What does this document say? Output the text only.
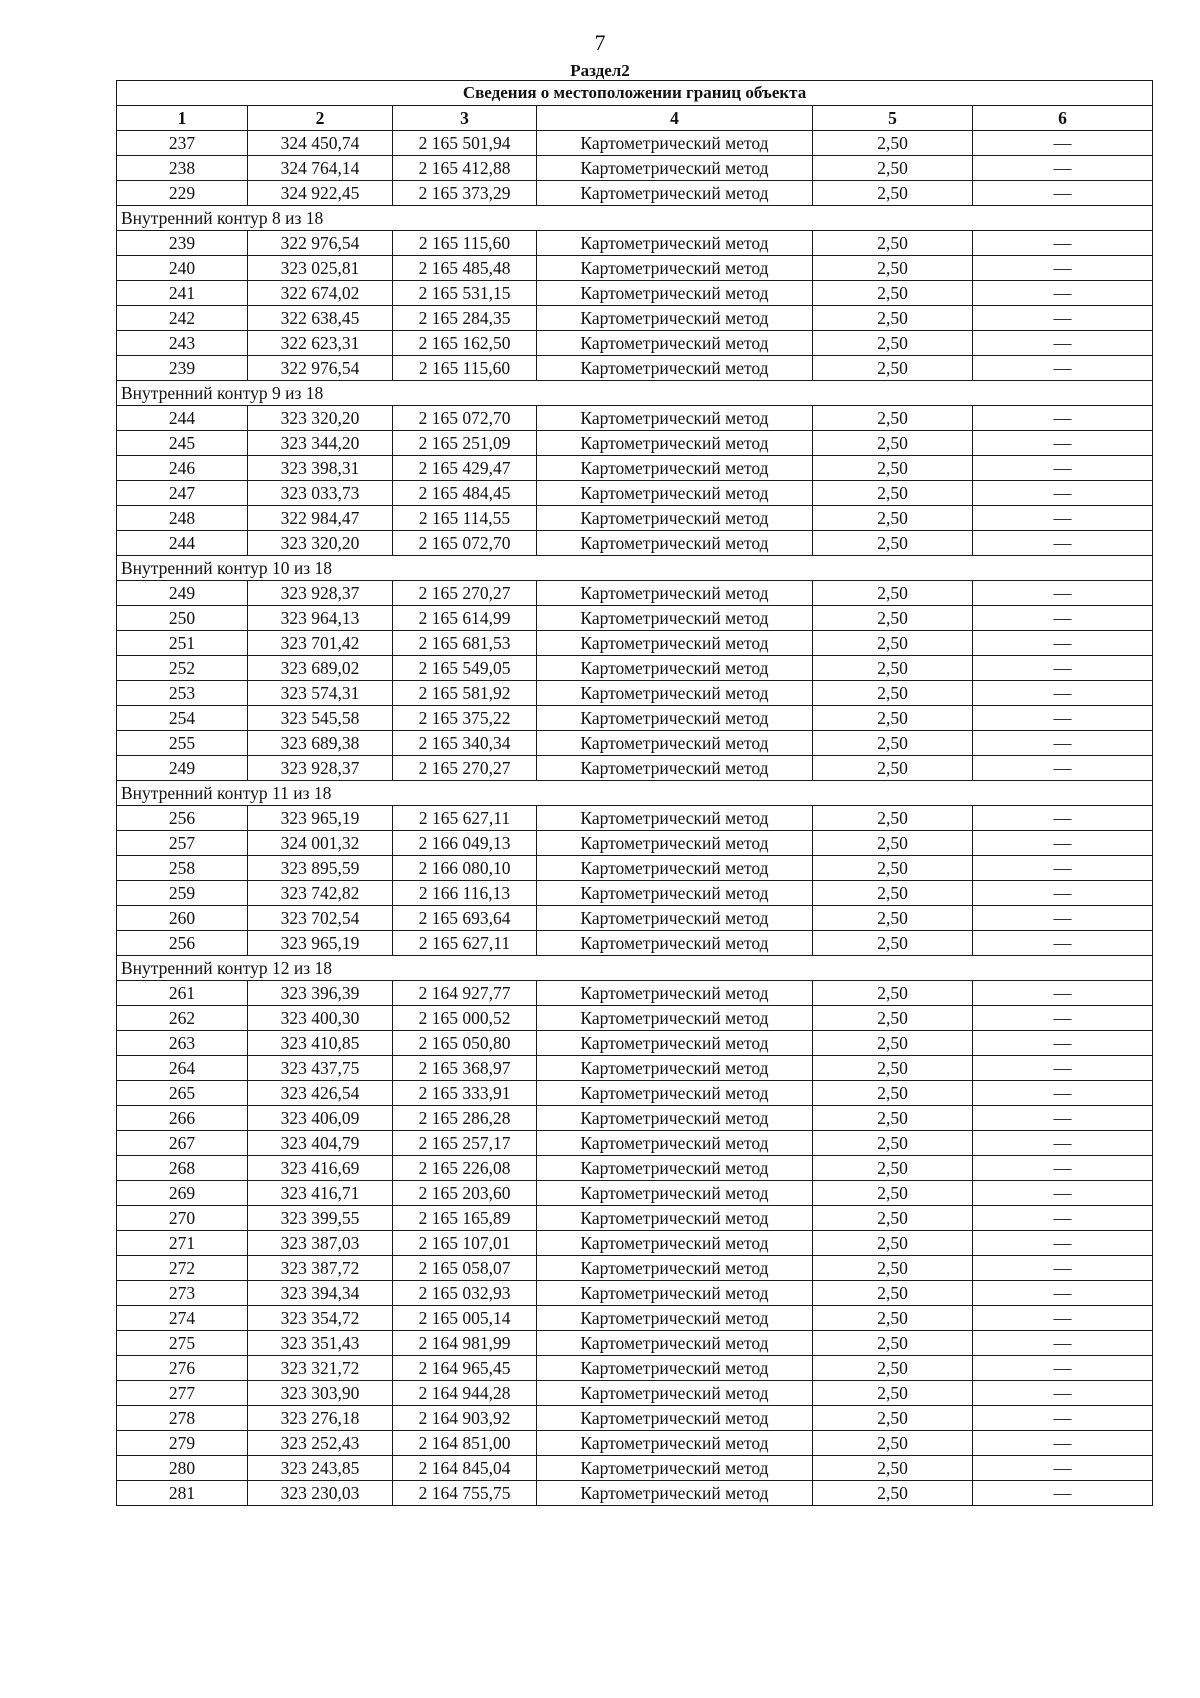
7
Раздел2
Сведения о местоположении границ объекта					
1	2	3	4	5	6
237	324 450,74	2 165 501,94	Картометрический метод	2,50	—
238	324 764,14	2 165 412,88	Картометрический метод	2,50	—
229	324 922,45	2 165 373,29	Картометрический метод	2,50	—
Внутренний контур 8 из 18					
239	322 976,54	2 165 115,60	Картометрический метод	2,50	—
240	323 025,81	2 165 485,48	Картометрический метод	2,50	—
241	322 674,02	2 165 531,15	Картометрический метод	2,50	—
242	322 638,45	2 165 284,35	Картометрический метод	2,50	—
243	322 623,31	2 165 162,50	Картометрический метод	2,50	—
239	322 976,54	2 165 115,60	Картометрический метод	2,50	—
Внутренний контур 9 из 18					
244	323 320,20	2 165 072,70	Картометрический метод	2,50	—
245	323 344,20	2 165 251,09	Картометрический метод	2,50	—
246	323 398,31	2 165 429,47	Картометрический метод	2,50	—
247	323 033,73	2 165 484,45	Картометрический метод	2,50	—
248	322 984,47	2 165 114,55	Картометрический метод	2,50	—
244	323 320,20	2 165 072,70	Картометрический метод	2,50	—
Внутренний контур 10 из 18					
249	323 928,37	2 165 270,27	Картометрический метод	2,50	—
250	323 964,13	2 165 614,99	Картометрический метод	2,50	—
251	323 701,42	2 165 681,53	Картометрический метод	2,50	—
252	323 689,02	2 165 549,05	Картометрический метод	2,50	—
253	323 574,31	2 165 581,92	Картометрический метод	2,50	—
254	323 545,58	2 165 375,22	Картометрический метод	2,50	—
255	323 689,38	2 165 340,34	Картометрический метод	2,50	—
249	323 928,37	2 165 270,27	Картометрический метод	2,50	—
Внутренний контур 11 из 18					
256	323 965,19	2 165 627,11	Картометрический метод	2,50	—
257	324 001,32	2 166 049,13	Картометрический метод	2,50	—
258	323 895,59	2 166 080,10	Картометрический метод	2,50	—
259	323 742,82	2 166 116,13	Картометрический метод	2,50	—
260	323 702,54	2 165 693,64	Картометрический метод	2,50	—
256	323 965,19	2 165 627,11	Картометрический метод	2,50	—
Внутренний контур 12 из 18					
261	323 396,39	2 164 927,77	Картометрический метод	2,50	—
262	323 400,30	2 165 000,52	Картометрический метод	2,50	—
263	323 410,85	2 165 050,80	Картометрический метод	2,50	—
264	323 437,75	2 165 368,97	Картометрический метод	2,50	—
265	323 426,54	2 165 333,91	Картометрический метод	2,50	—
266	323 406,09	2 165 286,28	Картометрический метод	2,50	—
267	323 404,79	2 165 257,17	Картометрический метод	2,50	—
268	323 416,69	2 165 226,08	Картометрический метод	2,50	—
269	323 416,71	2 165 203,60	Картометрический метод	2,50	—
270	323 399,55	2 165 165,89	Картометрический метод	2,50	—
271	323 387,03	2 165 107,01	Картометрический метод	2,50	—
272	323 387,72	2 165 058,07	Картометрический метод	2,50	—
273	323 394,34	2 165 032,93	Картометрический метод	2,50	—
274	323 354,72	2 165 005,14	Картометрический метод	2,50	—
275	323 351,43	2 164 981,99	Картометрический метод	2,50	—
276	323 321,72	2 164 965,45	Картометрический метод	2,50	—
277	323 303,90	2 164 944,28	Картометрический метод	2,50	—
278	323 276,18	2 164 903,92	Картометрический метод	2,50	—
279	323 252,43	2 164 851,00	Картометрический метод	2,50	—
280	323 243,85	2 164 845,04	Картометрический метод	2,50	—
281	323 230,03	2 164 755,75	Картометрический метод	2,50	—
